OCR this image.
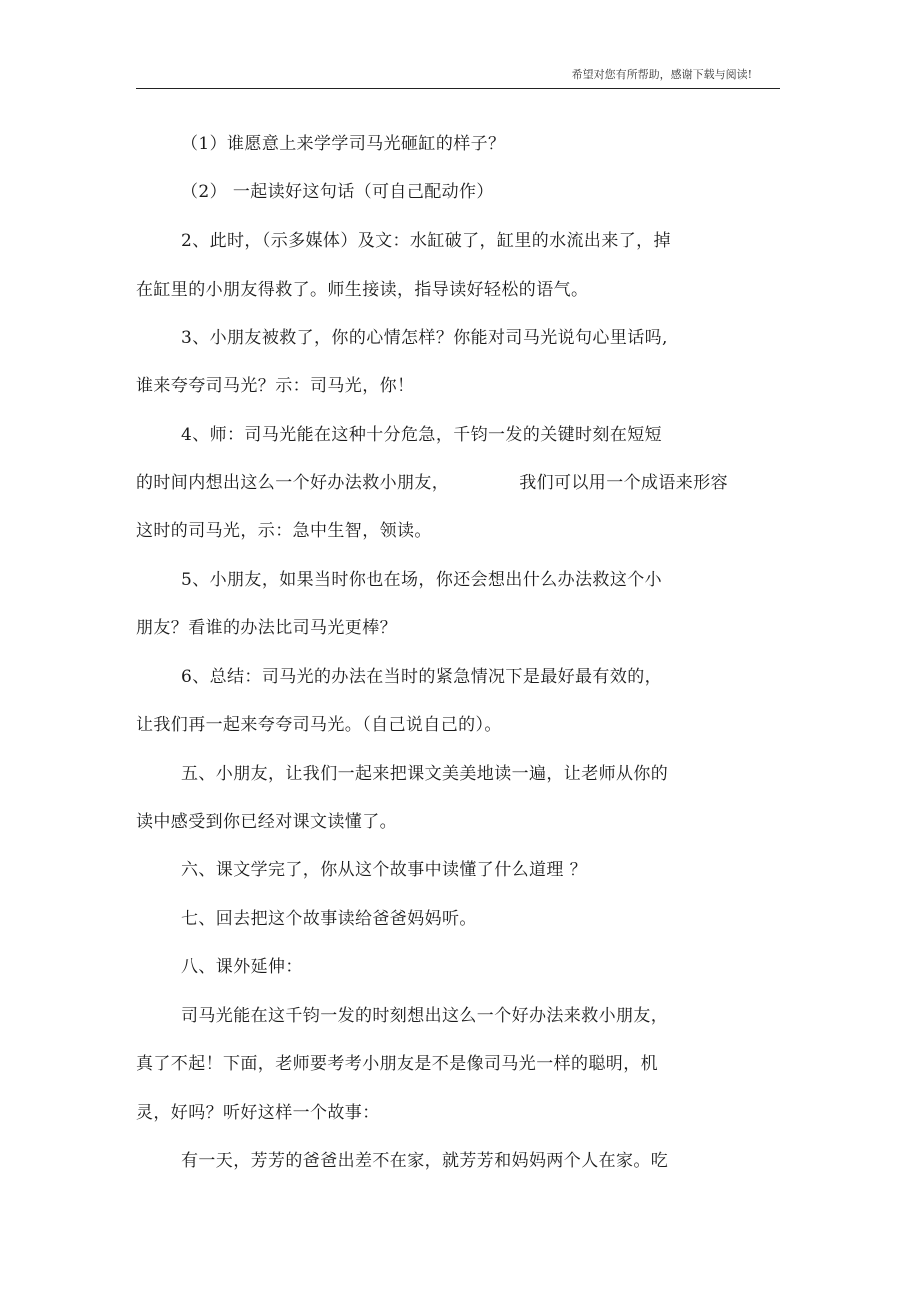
希望对您有所帮助，感谢下载与阅读!
（1）谁愿意上来学学司马光砸缸的样子？
（2） 一起读好这句话（可自己配动作）
2、此时，（示多媒体）及文：水缸破了，缸里的水流出来了，掉
在缸里的小朋友得救了。师生接读，指导读好轻松的语气。
3、小朋友被救了，你的心情怎样？你能对司马光说句心里话吗,
谁来夸夸司马光？示：司马光，你！
4、师：司马光能在这种十分危急，千钧一发的关键时刻在短短
的时间内想出这么一个好办法救小朋友，	我们可以用一个成语来形容
这时的司马光，示：急中生智，领读。
5、小朋友，如果当时你也在场，你还会想出什么办法救这个小
朋友？看谁的办法比司马光更棒？
6、总结：司马光的办法在当时的紧急情况下是最好最有效的，
让我们再一起来夸夸司马光。（自己说自己的）。
五、小朋友，让我们一起来把课文美美地读一遍，让老师从你的
读中感受到你已经对课文读懂了。
六、课文学完了，你从这个故事中读懂了什么道理 ？
七、回去把这个故事读给爸爸妈妈听。
八、课外延伸：
司马光能在这千钧一发的时刻想出这么一个好办法来救小朋友，
真了不起！下面，老师要考考小朋友是不是像司马光一样的聪明，机
灵，好吗？听好这样一个故事：
有一天，芳芳的爸爸出差不在家，就芳芳和妈妈两个人在家。吃
